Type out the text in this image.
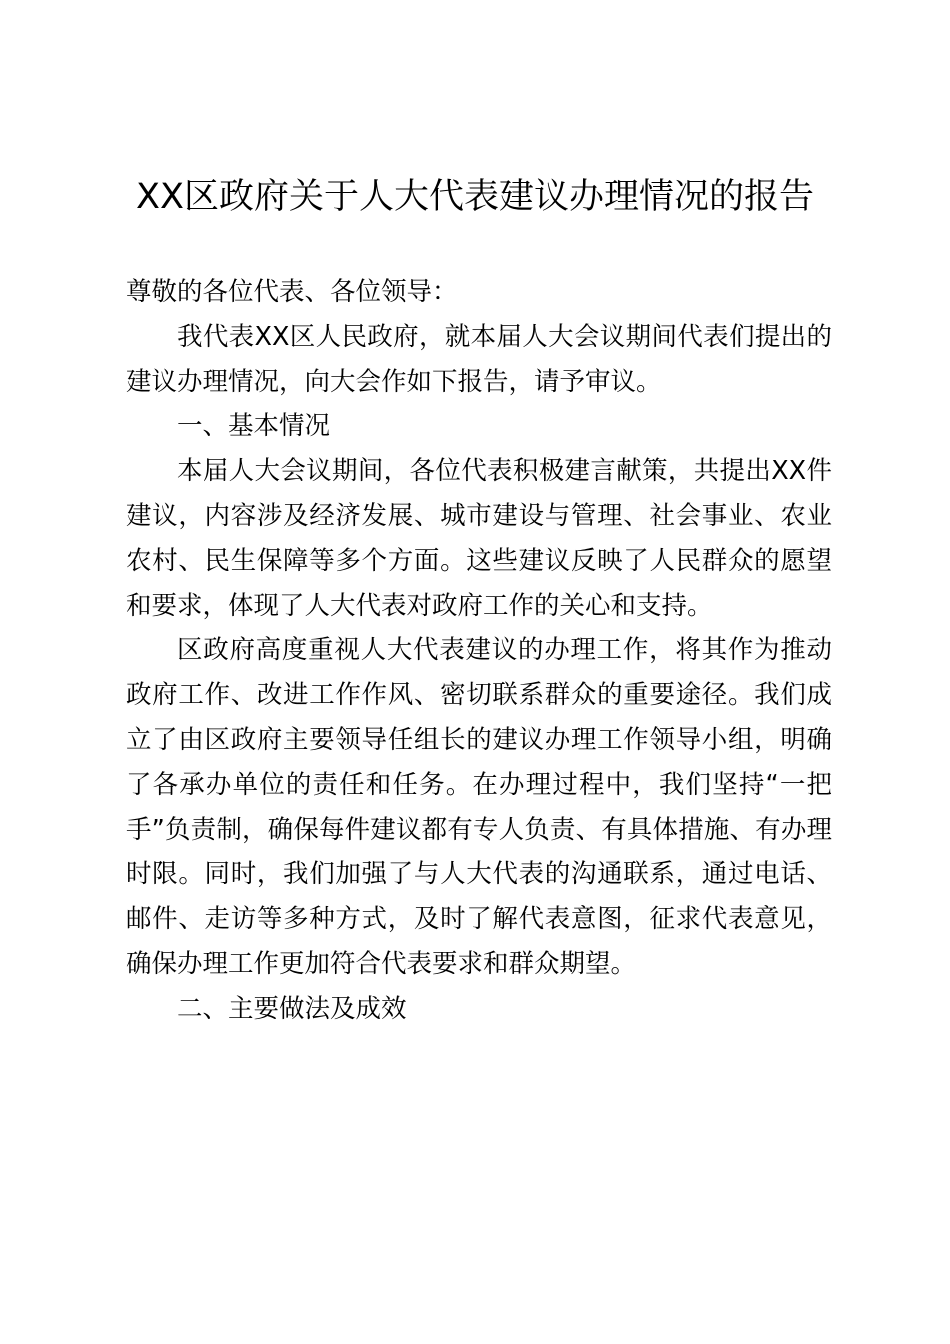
XX区政府关于人大代表建议办理情况的报告

尊敬的各位代表、各位领导：

我代表XX区人民政府，就本届人大会议期间代表们提出的建议办理情况，向大会作如下报告，请予审议。

一、基本情况

本届人大会议期间，各位代表积极建言献策，共提出XX件建议，内容涉及经济发展、城市建设与管理、社会事业、农业农村、民生保障等多个方面。这些建议反映了人民群众的愿望和要求，体现了人大代表对政府工作的关心和支持。

区政府高度重视人大代表建议的办理工作，将其作为推动政府工作、改进工作作风、密切联系群众的重要途径。我们成立了由区政府主要领导任组长的建议办理工作领导小组，明确了各承办单位的责任和任务。在办理过程中，我们坚持“一把手”负责制，确保每件建议都有专人负责、有具体措施、有办理时限。同时，我们加强了与人大代表的沟通联系，通过电话、邮件、走访等多种方式，及时了解代表意图，征求代表意见，确保办理工作更加符合代表要求和群众期望。

二、主要做法及成效
